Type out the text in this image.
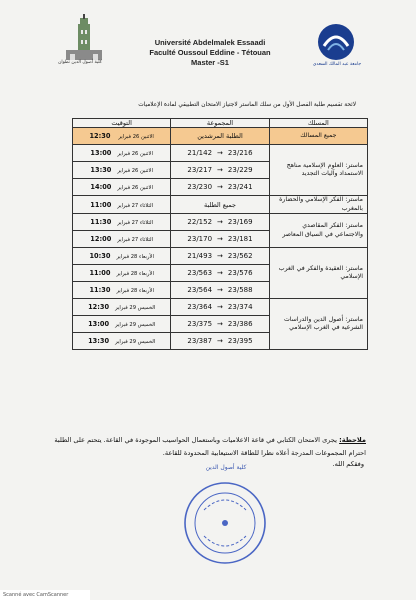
كلية أصول الدين تطوان	جامعة عبد المالك السعدي
Université Abdelmalek Essaadi
Faculté Oussoul Eddine - Tétouan
Master -S1
لائحة تقسيم طلبة الفصل الأول من سلك الماستر لاجتياز الامتحان التطبيقي لمادة الإعلاميات
التوقيت	المجموعة	المسلك
الاثنين 26 فبراير 12:30	الطلبة المرشدين	جميع المسالك
الاثنين 26 فبراير13:00	21/142 → 23/216	ماستر: العلوم الإسلامية مناهج الاستمداد وآليات التجديد
الاثنين 26 فبراير13:30	23/217 → 23/229	
الاثنين 26 فبراير14:00	23/230 → 23/241	
الثلاثاء 27 فبراير11:00	جميع الطلبة	ماستر: الفكر الإسلامي والحضارة بالمغرب
الثلاثاء 27 فبراير11:30	22/152 → 23/169	ماستر: الفكر المقاصدي والاجتماعي في السياق المعاصر
الثلاثاء 27 فبراير12:00	23/170 → 23/181	
الأربعاء 28 فبراير10:30	21/493 → 23/562	ماستر: العقيدة والفكر في الغرب الإسلامي
الأربعاء 28 فبراير11:00	23/563 → 23/576	
الأربعاء 28 فبراير11:30	23/564 → 23/588	
الخميس 29 فبراير12:30	23/364 → 23/374	ماستر: أصول الدين والدراسات الشرعية في الغرب الإسلامي
الخميس 29 فبراير13:00	23/375 → 23/386	
الخميس 29 فبراير13:30	23/387 → 23/395	
ملاحظة: يجرى الامتحان الكتابي في قاعة الاعلاميات وباستعمال الحواسيب الموجودة في القاعة. يتحتم على الطلبة احترام المجموعات المدرجة أعلاه نظرا للطاقة الاستيعابية المحدودة للقاعة.
وفقكم الله.
كلية أصول الدين
Scanné avec CamScanner
